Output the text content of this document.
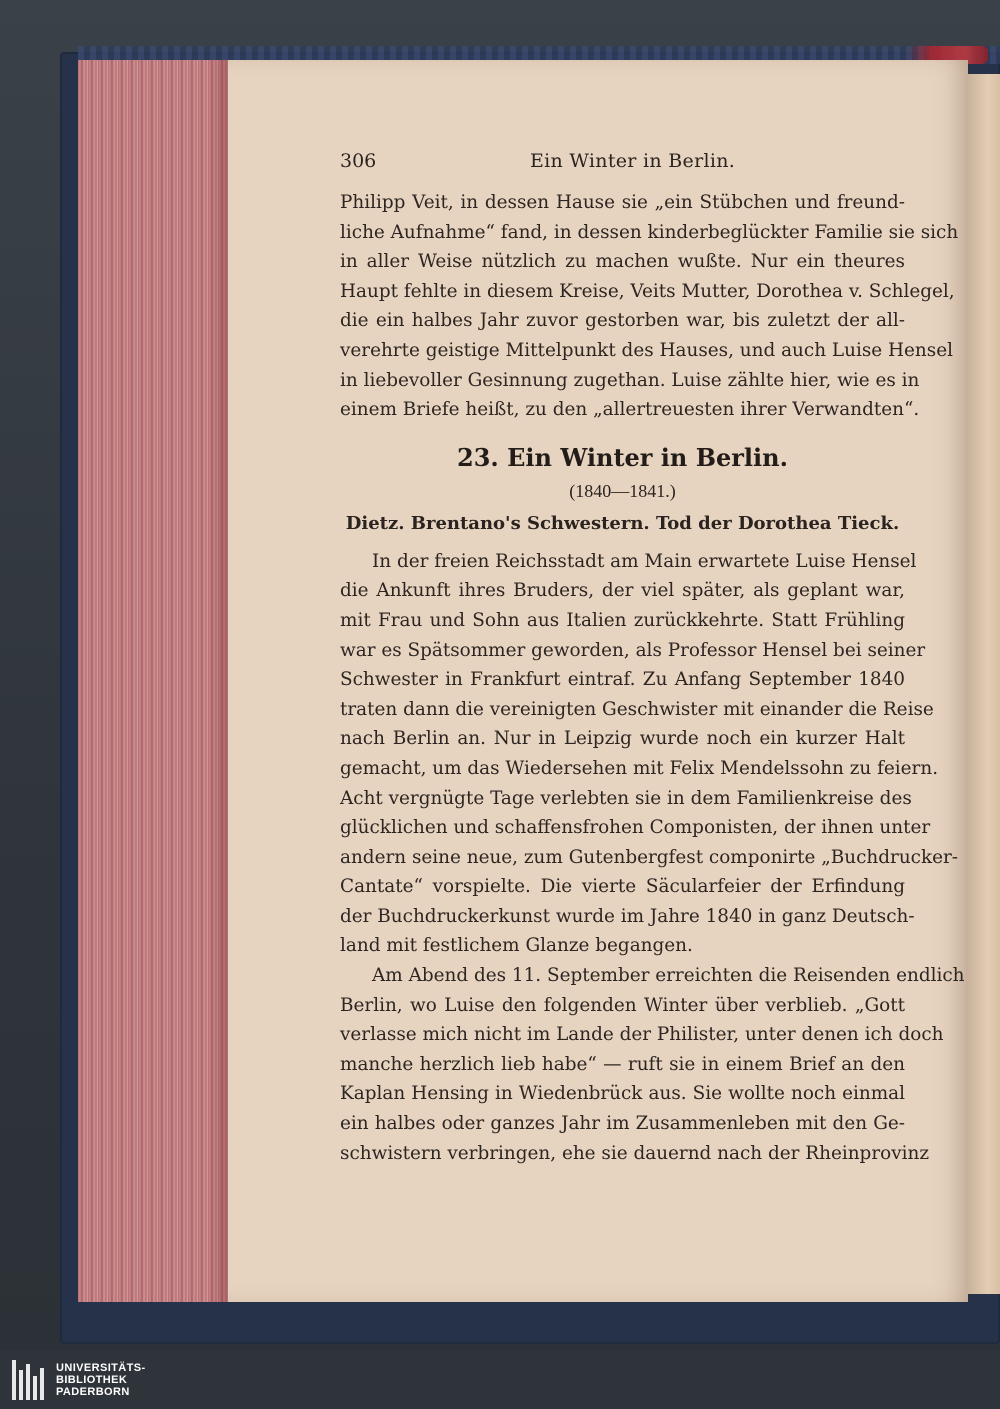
306	Ein Winter in Berlin.

Philipp Veit, in dessen Hause sie „ein Stübchen und freund-
liche Aufnahme“ fand, in dessen kinderbeglückter Familie sie sich
in aller Weise nützlich zu machen wußte. Nur ein theures
Haupt fehlte in diesem Kreise, Veits Mutter, Dorothea v. Schlegel,
die ein halbes Jahr zuvor gestorben war, bis zuletzt der all-
verehrte geistige Mittelpunkt des Hauses, und auch Luise Hensel
in liebevoller Gesinnung zugethan. Luise zählte hier, wie es in
einem Briefe heißt, zu den „allertreuesten ihrer Verwandten“.

23. Ein Winter in Berlin.
(1840—1841.)
Dietz. Brentano's Schwestern. Tod der Dorothea Tieck.

In der freien Reichsstadt am Main erwartete Luise Hensel
die Ankunft ihres Bruders, der viel später, als geplant war,
mit Frau und Sohn aus Italien zurückkehrte. Statt Frühling
war es Spätsommer geworden, als Professor Hensel bei seiner
Schwester in Frankfurt eintraf. Zu Anfang September 1840
traten dann die vereinigten Geschwister mit einander die Reise
nach Berlin an. Nur in Leipzig wurde noch ein kurzer Halt
gemacht, um das Wiedersehen mit Felix Mendelssohn zu feiern.
Acht vergnügte Tage verlebten sie in dem Familienkreise des
glücklichen und schaffensfrohen Componisten, der ihnen unter
andern seine neue, zum Gutenbergfest componirte „Buchdrucker-
Cantate“ vorspielte. Die vierte Säcularfeier der Erfindung
der Buchdruckerkunst wurde im Jahre 1840 in ganz Deutsch-
land mit festlichem Glanze begangen.

Am Abend des 11. September erreichten die Reisenden endlich
Berlin, wo Luise den folgenden Winter über verblieb. „Gott
verlasse mich nicht im Lande der Philister, unter denen ich doch
manche herzlich lieb habe“ — ruft sie in einem Brief an den
Kaplan Hensing in Wiedenbrück aus. Sie wollte noch einmal
ein halbes oder ganzes Jahr im Zusammenleben mit den Ge-
schwistern verbringen, ehe sie dauernd nach der Rheinprovinz

UNIVERSITÄTS-
BIBLIOTHEK
PADERBORN
